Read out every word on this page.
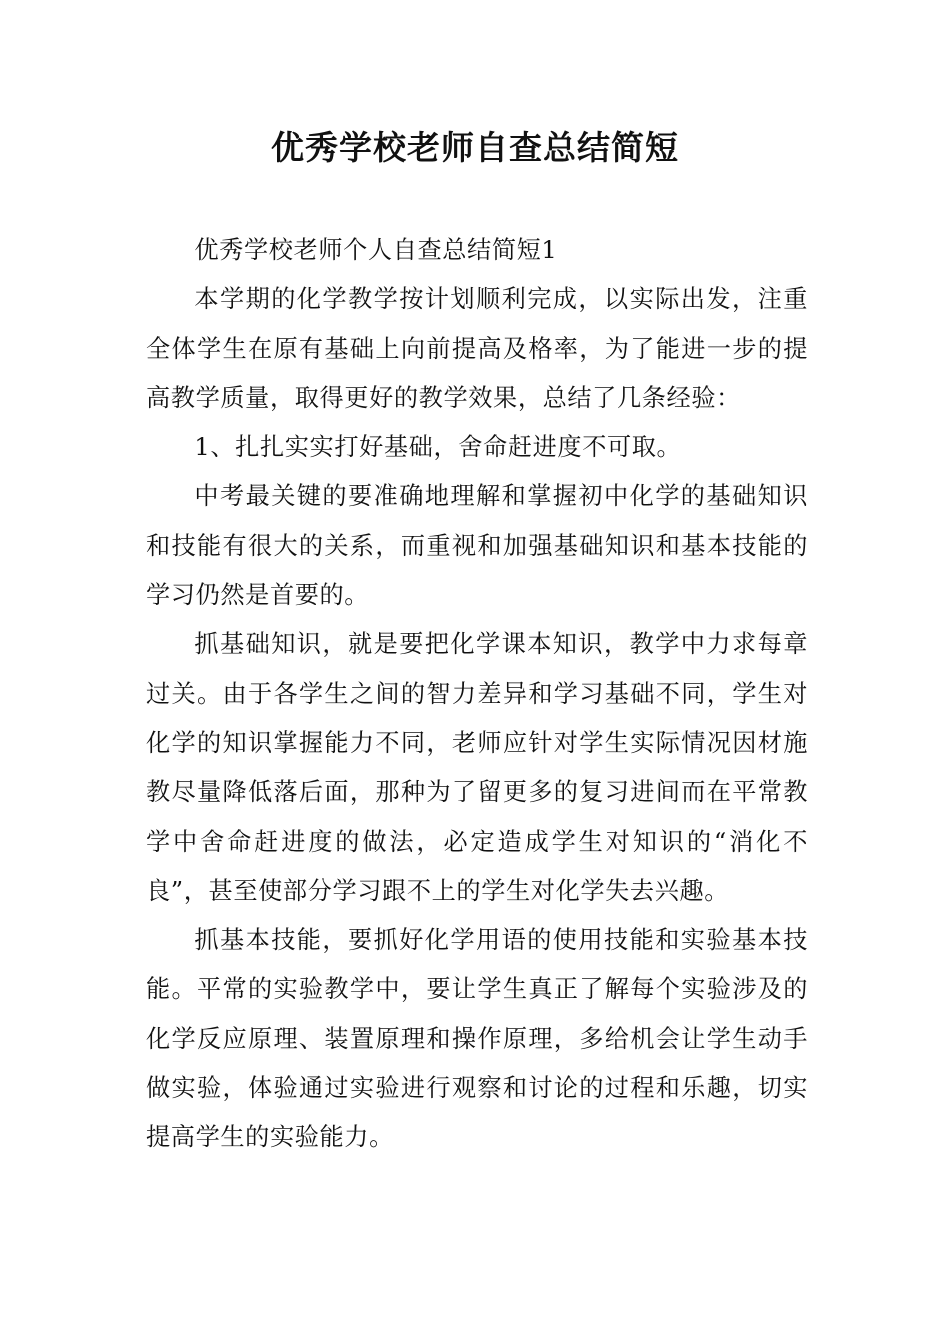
优秀学校老师自查总结简短

优秀学校老师个人自查总结简短1

本学期的化学教学按计划顺利完成，以实际出发，注重全体学生在原有基础上向前提高及格率，为了能进一步的提高教学质量，取得更好的教学效果，总结了几条经验：

1、扎扎实实打好基础，舍命赶进度不可取。

中考最关键的要准确地理解和掌握初中化学的基础知识和技能有很大的关系，而重视和加强基础知识和基本技能的学习仍然是首要的。

抓基础知识，就是要把化学课本知识，教学中力求每章过关。由于各学生之间的智力差异和学习基础不同，学生对化学的知识掌握能力不同，老师应针对学生实际情况因材施教尽量降低落后面，那种为了留更多的复习进间而在平常教学中舍命赶进度的做法，必定造成学生对知识的“消化不良”，甚至使部分学习跟不上的学生对化学失去兴趣。

抓基本技能，要抓好化学用语的使用技能和实验基本技能。平常的实验教学中，要让学生真正了解每个实验涉及的化学反应原理、装置原理和操作原理，多给机会让学生动手做实验，体验通过实验进行观察和讨论的过程和乐趣，切实提高学生的实验能力。
